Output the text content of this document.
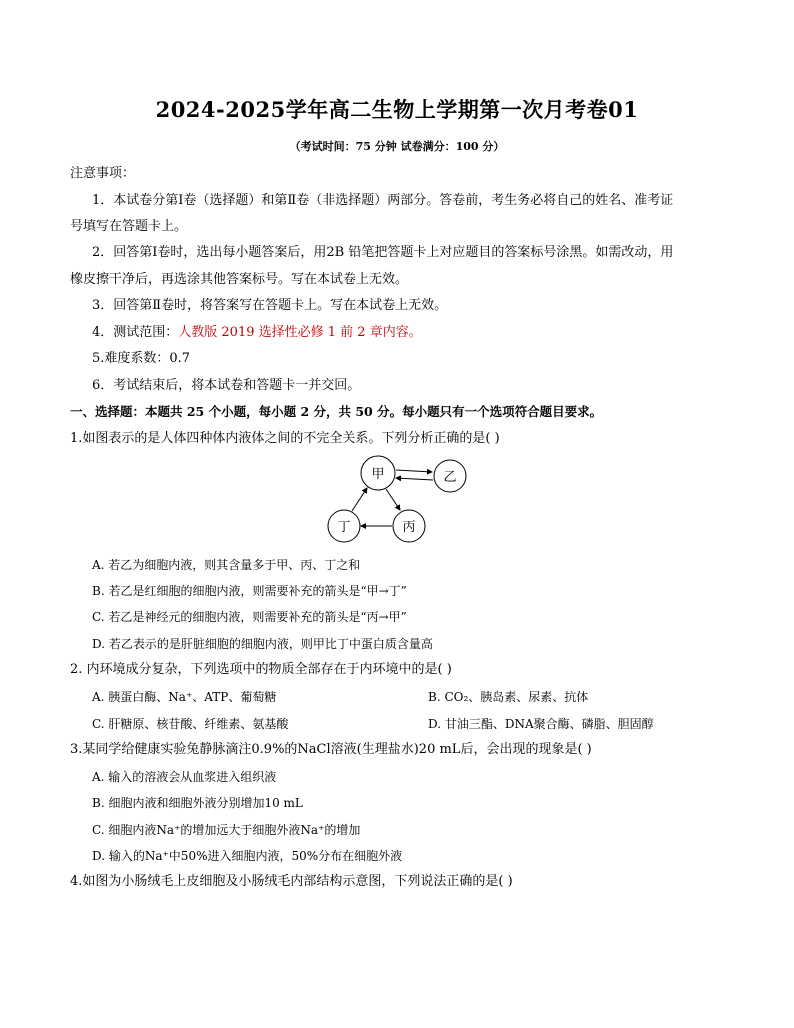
2024-2025学年高二生物上学期第一次月考卷01
（考试时间：75 分钟 试卷满分：100 分）
注意事项：
1．本试卷分第Ⅰ卷（选择题）和第Ⅱ卷（非选择题）两部分。答卷前，考生务必将自己的姓名、准考证
号填写在答题卡上。
2．回答第Ⅰ卷时，选出每小题答案后，用2B 铅笔把答题卡上对应题目的答案标号涂黑。如需改动，用
橡皮擦干净后，再选涂其他答案标号。写在本试卷上无效。
3．回答第Ⅱ卷时，将答案写在答题卡上。写在本试卷上无效。
4．测试范围：人教版 2019 选择性必修 1 前 2 章内容。
5.难度系数：0.7
6．考试结束后，将本试卷和答题卡一并交回。
一、选择题：本题共 25 个小题，每小题 2 分，共 50 分。每小题只有一个选项符合题目要求。
1.如图表示的是人体四种体内液体之间的不完全关系。下列分析正确的是( )
甲	乙
丙
丁
A. 若乙为细胞内液，则其含量多于甲、丙、丁之和
B. 若乙是红细胞的细胞内液，则需要补充的箭头是“甲→丁”
C. 若乙是神经元的细胞内液，则需要补充的箭头是“丙→甲”
D. 若乙表示的是肝脏细胞的细胞内液，则甲比丁中蛋白质含量高
2. 内环境成分复杂，下列选项中的物质全部存在于内环境中的是( )
A. 胰蛋白酶、Na⁺、ATP、葡萄糖	B. CO₂、胰岛素、尿素、抗体
C. 肝糖原、核苷酸、纤维素、氨基酸	D. 甘油三酯、DNA聚合酶、磷脂、胆固醇
3.某同学给健康实验兔静脉滴注0.9%的NaCl溶液(生理盐水)20 mL后，会出现的现象是( )
A. 输入的溶液会从血浆进入组织液
B. 细胞内液和细胞外液分别增加10 mL
C. 细胞内液Na⁺的增加远大于细胞外液Na⁺的增加
D. 输入的Na⁺中50%进入细胞内液，50%分布在细胞外液
4.如图为小肠绒毛上皮细胞及小肠绒毛内部结构示意图，下列说法正确的是( )
